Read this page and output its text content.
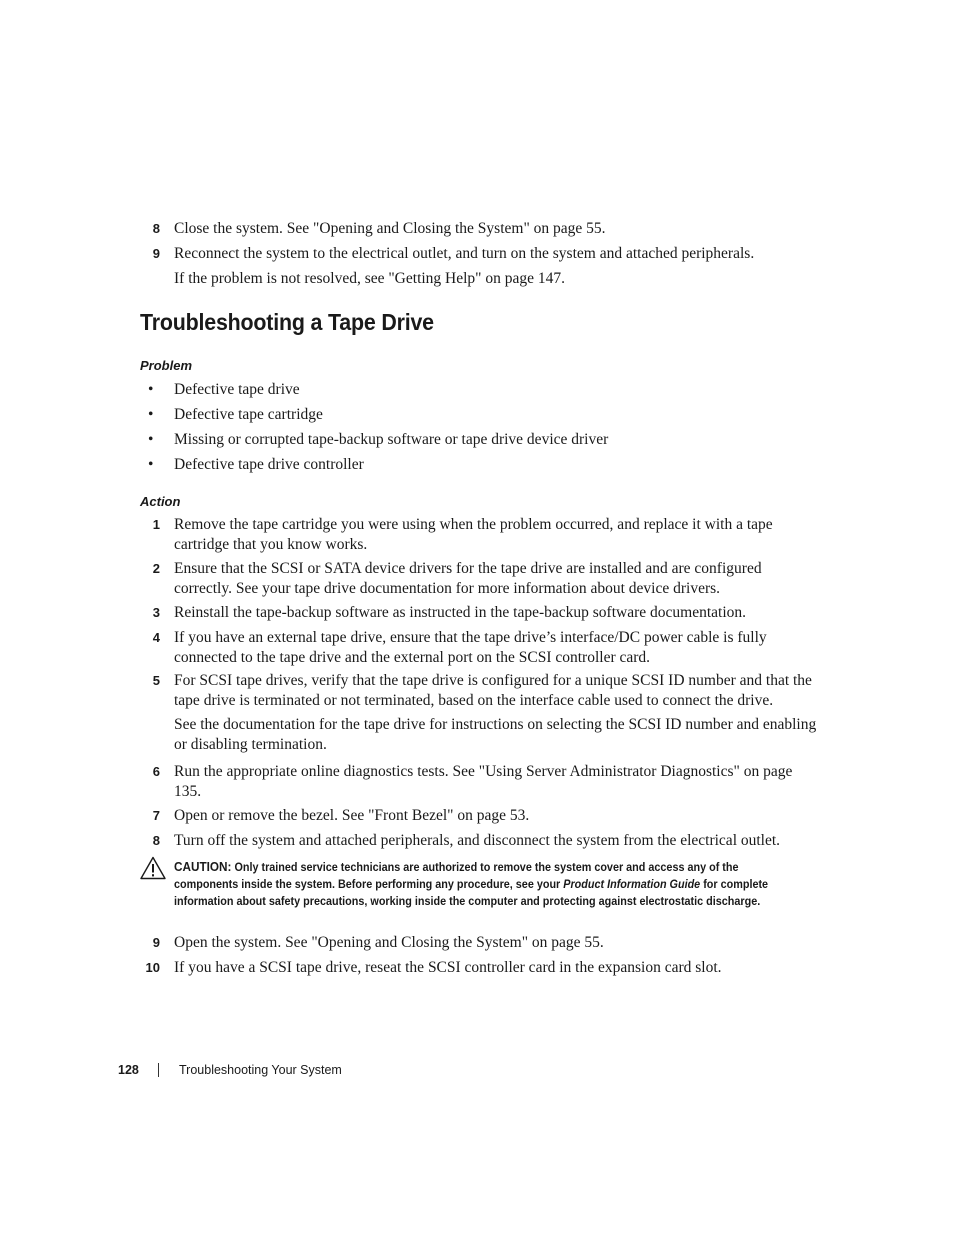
8 Close the system. See "Opening and Closing the System" on page 55.
9 Reconnect the system to the electrical outlet, and turn on the system and attached peripherals.
If the problem is not resolved, see "Getting Help" on page 147.
Troubleshooting a Tape Drive
Problem
• Defective tape drive
• Defective tape cartridge
• Missing or corrupted tape-backup software or tape drive device driver
• Defective tape drive controller
Action
1 Remove the tape cartridge you were using when the problem occurred, and replace it with a tape cartridge that you know works.
2 Ensure that the SCSI or SATA device drivers for the tape drive are installed and are configured correctly. See your tape drive documentation for more information about device drivers.
3 Reinstall the tape-backup software as instructed in the tape-backup software documentation.
4 If you have an external tape drive, ensure that the tape drive’s interface/DC power cable is fully connected to the tape drive and the external port on the SCSI controller card.
5 For SCSI tape drives, verify that the tape drive is configured for a unique SCSI ID number and that the tape drive is terminated or not terminated, based on the interface cable used to connect the drive.
See the documentation for the tape drive for instructions on selecting the SCSI ID number and enabling or disabling termination.
6 Run the appropriate online diagnostics tests. See "Using Server Administrator Diagnostics" on page 135.
7 Open or remove the bezel. See "Front Bezel" on page 53.
8 Turn off the system and attached peripherals, and disconnect the system from the electrical outlet.
CAUTION: Only trained service technicians are authorized to remove the system cover and access any of the components inside the system. Before performing any procedure, see your Product Information Guide for complete information about safety precautions, working inside the computer and protecting against electrostatic discharge.
9 Open the system. See "Opening and Closing the System" on page 55.
10 If you have a SCSI tape drive, reseat the SCSI controller card in the expansion card slot.
128	Troubleshooting Your System
